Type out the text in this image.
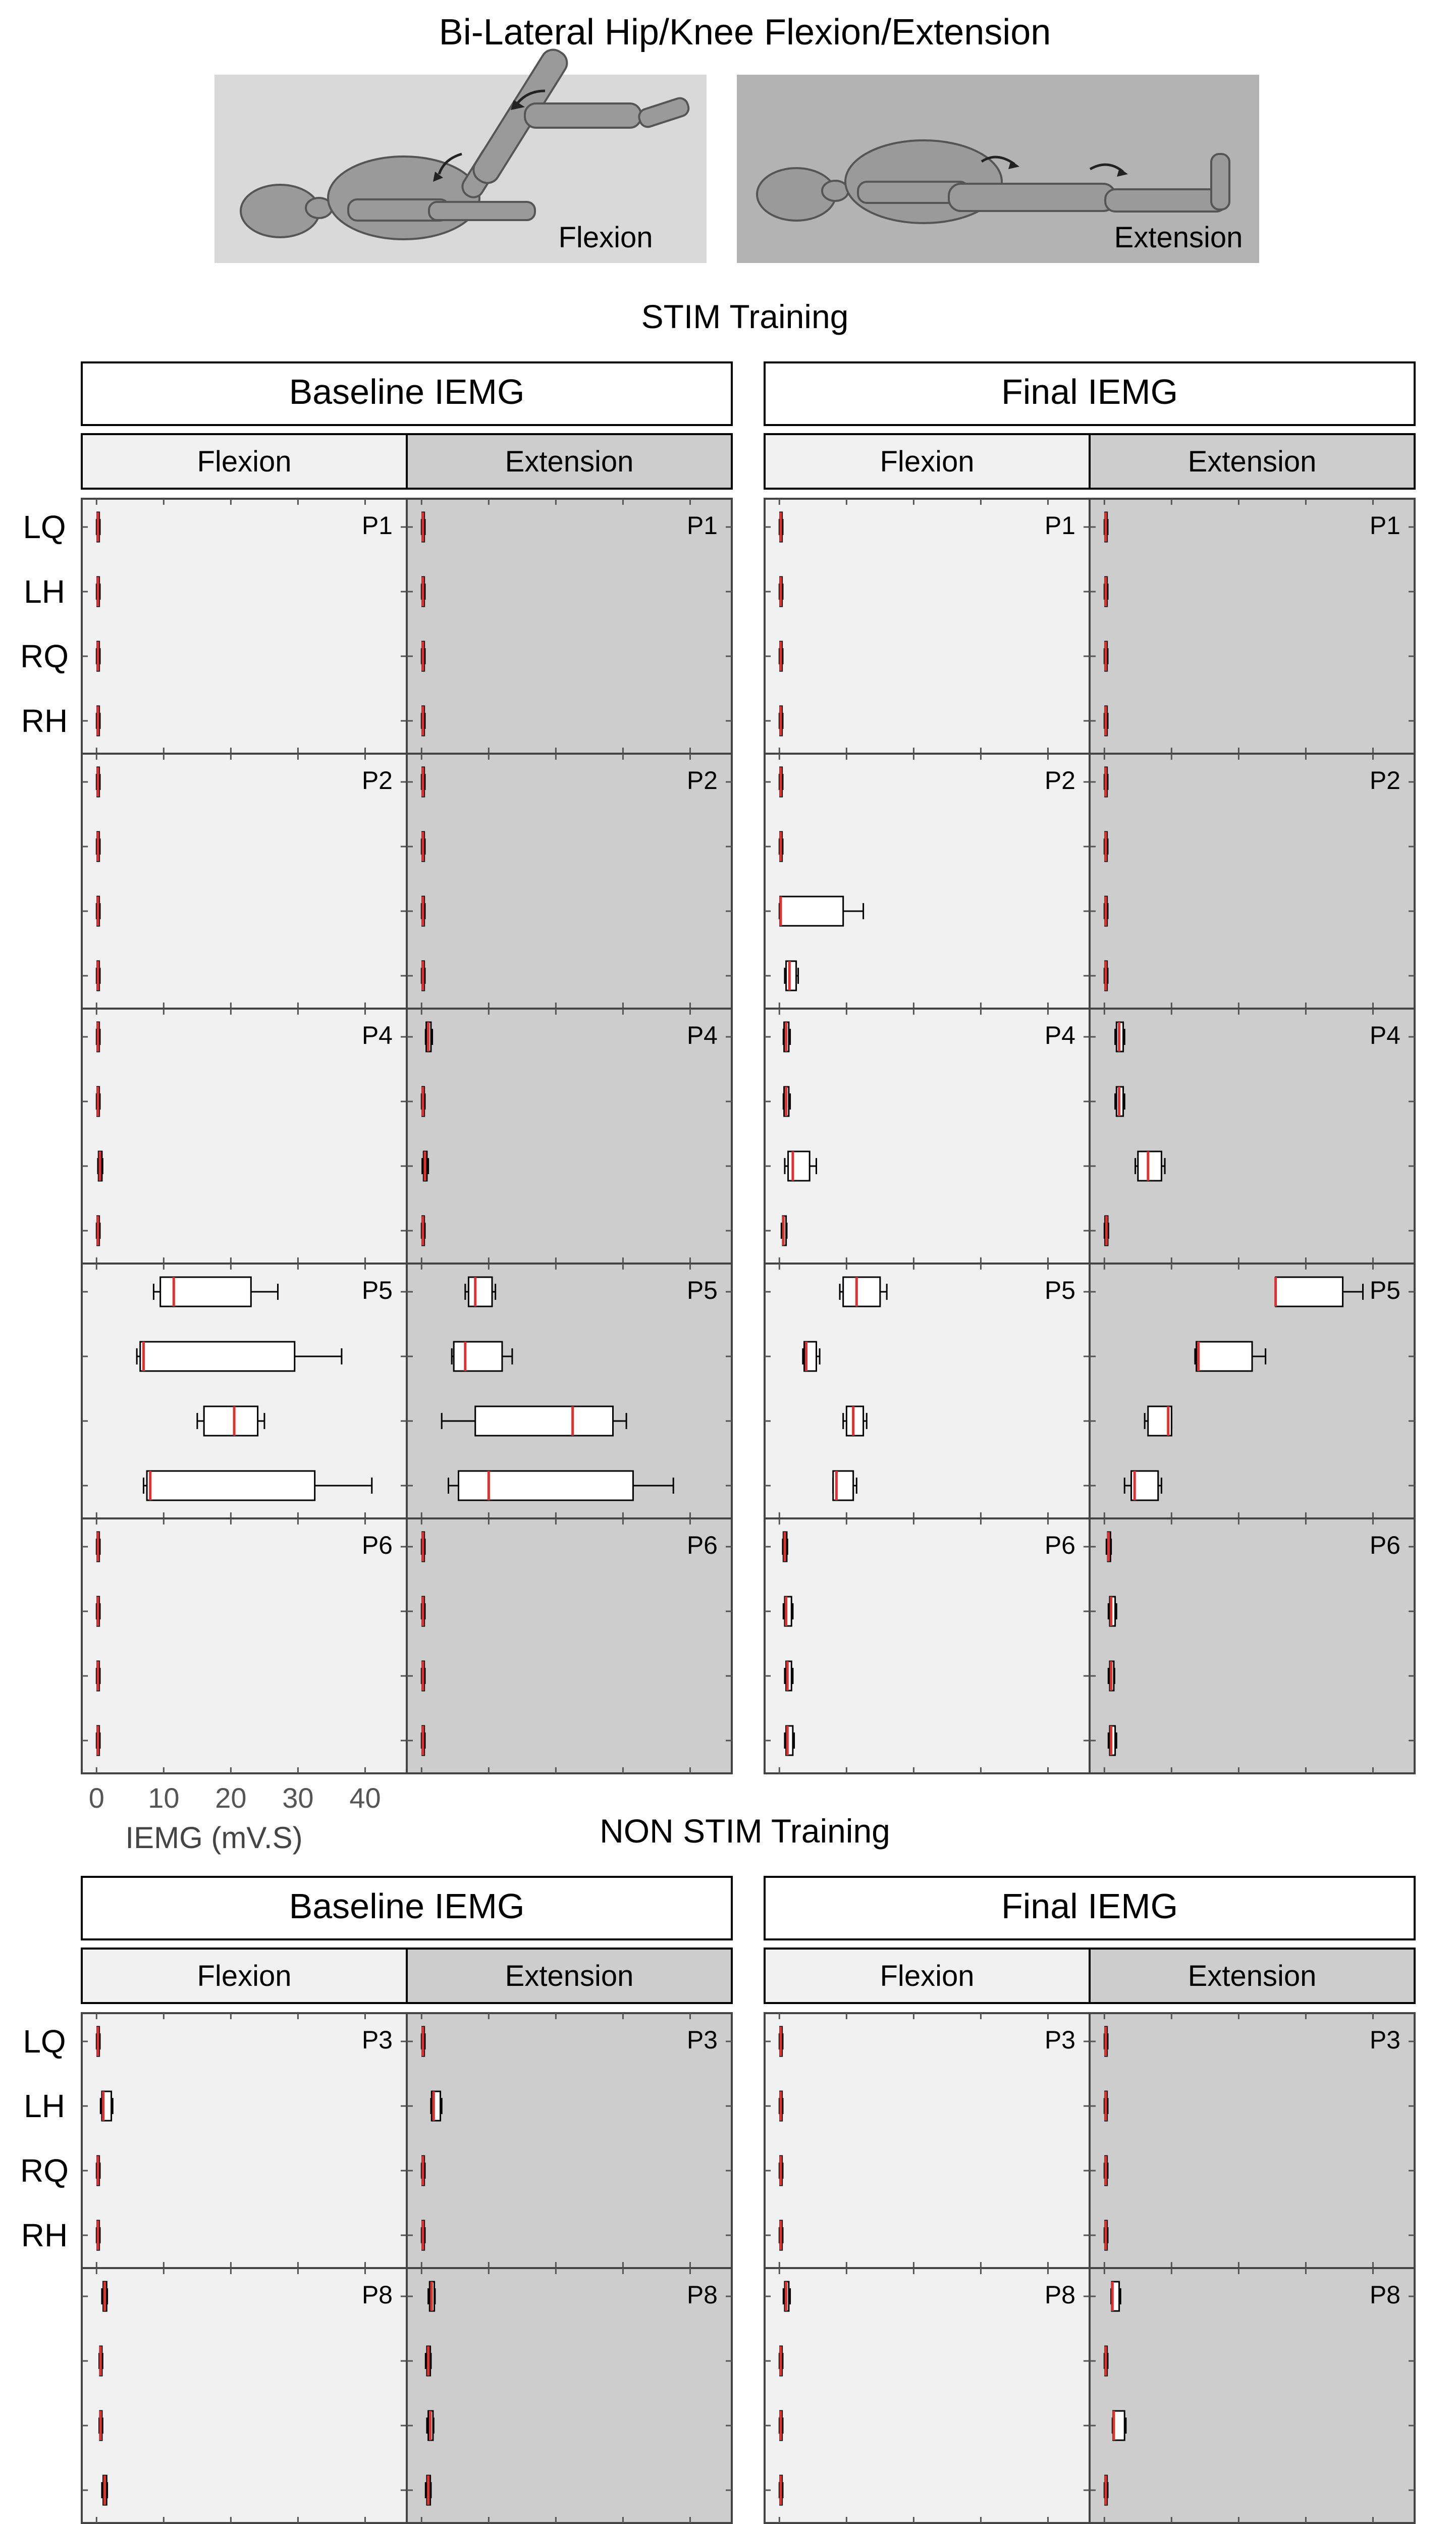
Bi-Lateral Hip/Knee Flexion/Extension
Flexion	Extension
STIM Training
Baseline IEMG
Flexion	Extension
P1	P1
P2	P2
P4	P4
P5	P5
P6	P6
0 10 20 30 40
IEMG (mV.S)
Final IEMG
Flexion	Extension
P1	P1
P2	P2
P4	P4
P5	P5
P6	P6
LQ
LH
RQ
RH
NON STIM Training
Baseline IEMG
Flexion	Extension
P3	P3
P8	P8
Final IEMG
Flexion	Extension
P3	P3
P8	P8
LQ
LH
RQ
RH
